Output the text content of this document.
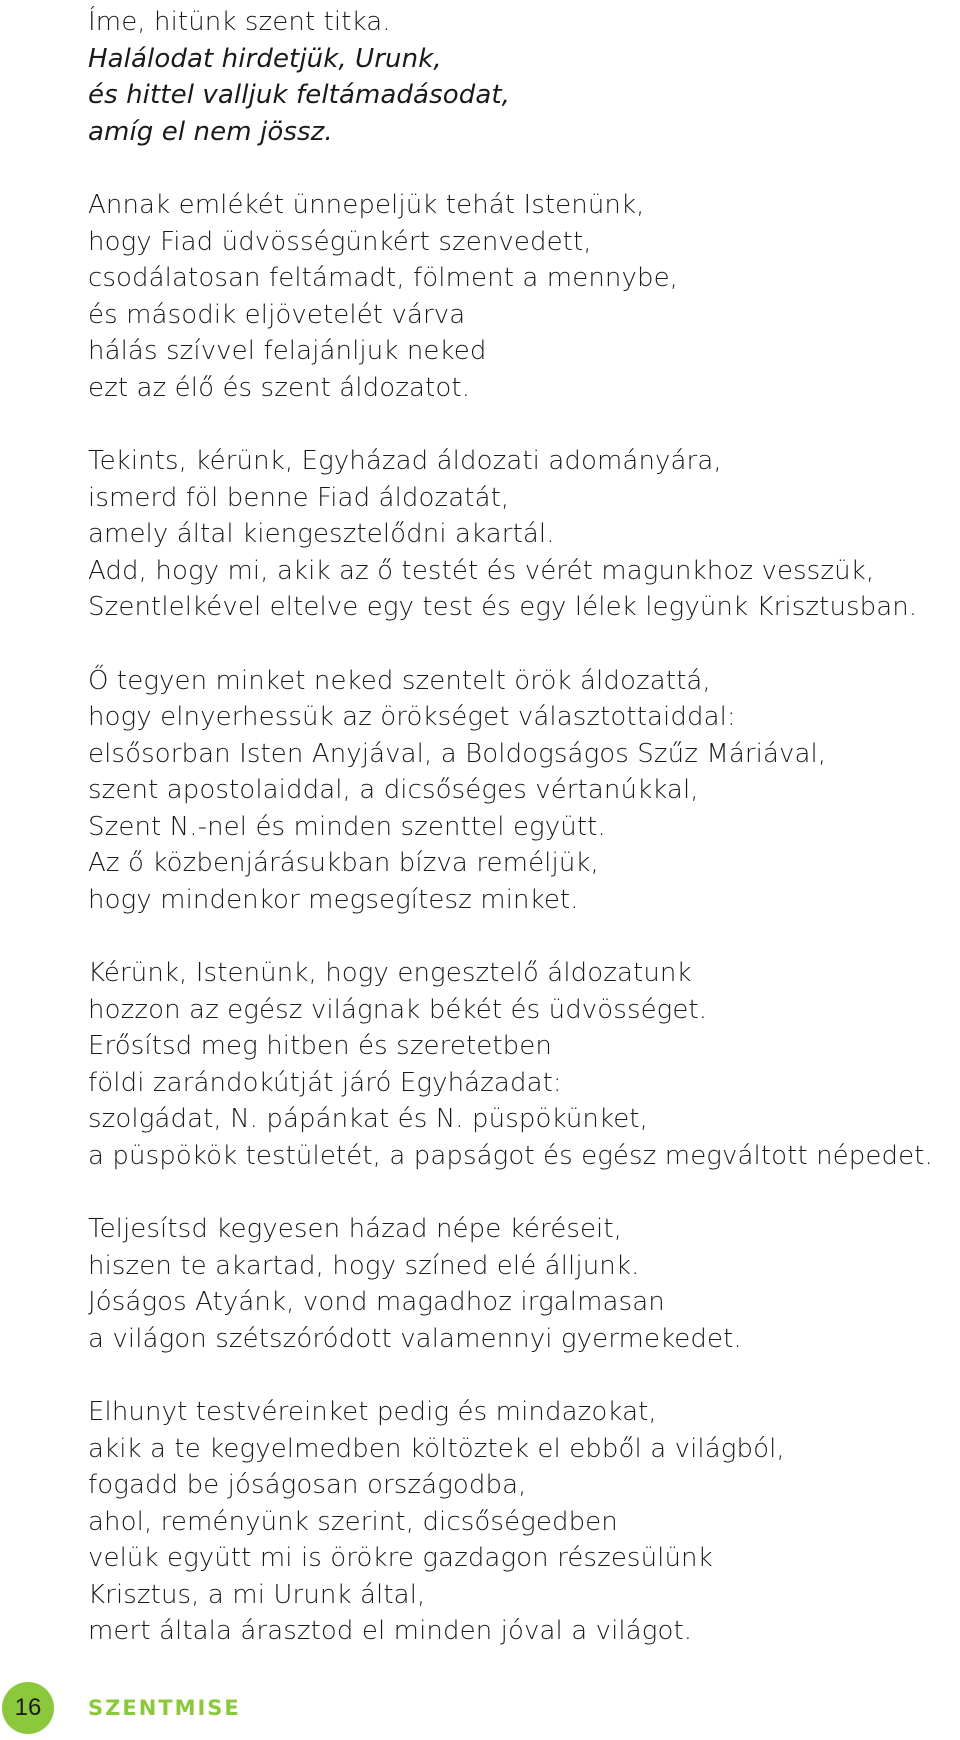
Íme, hitünk szent titka.
Halálodat hirdetjük, Urunk,
és hittel valljuk feltámadásodat,
amíg el nem jössz.
Annak emlékét ünnepeljük tehát Istenünk,
hogy Fiad üdvösségünkért szenvedett,
csodálatosan feltámadt, fölment a mennybe,
és második eljövetelét várva
hálás szívvel felajánljuk neked
ezt az élő és szent áldozatot.
Tekints, kérünk, Egyházad áldozati adományára,
ismerd föl benne Fiad áldozatát,
amely által kiengesztelődni akartál.
Add, hogy mi, akik az ő testét és vérét magunkhoz vesszük,
Szentlelkével eltelve egy test és egy lélek legyünk Krisztusban.
Ő tegyen minket neked szentelt örök áldozattá,
hogy elnyerhessük az örökséget választottaiddal:
elsősorban Isten Anyjával, a Boldogságos Szűz Máriával,
szent apostolaiddal, a dicsőséges vértanúkkal,
Szent N.-nel és minden szenttel együtt.
Az ő közbenjárásukban bízva reméljük,
hogy mindenkor megsegítesz minket.
Kérünk, Istenünk, hogy engesztelő áldozatunk
hozzon az egész világnak békét és üdvösséget.
Erősítsd meg hitben és szeretetben
földi zarándokútját járó Egyházadat:
szolgádat, N. pápánkat és N. püspökünket,
a püspökök testületét, a papságot és egész megváltott népedet.
Teljesítsd kegyesen házad népe kéréseit,
hiszen te akartad, hogy színed elé álljunk.
Jóságos Atyánk, vond magadhoz irgalmasan
a világon szétszóródott valamennyi gyermekedet.
Elhunyt testvéreinket pedig és mindazokat,
akik a te kegyelmedben költöztek el ebből a világból,
fogadd be jóságosan országodba,
ahol, reményünk szerint, dicsőségedben
velük együtt mi is örökre gazdagon részesülünk
Krisztus, a mi Urunk által,
mert általa árasztod el minden jóval a világot.
16	SZENTMISE
